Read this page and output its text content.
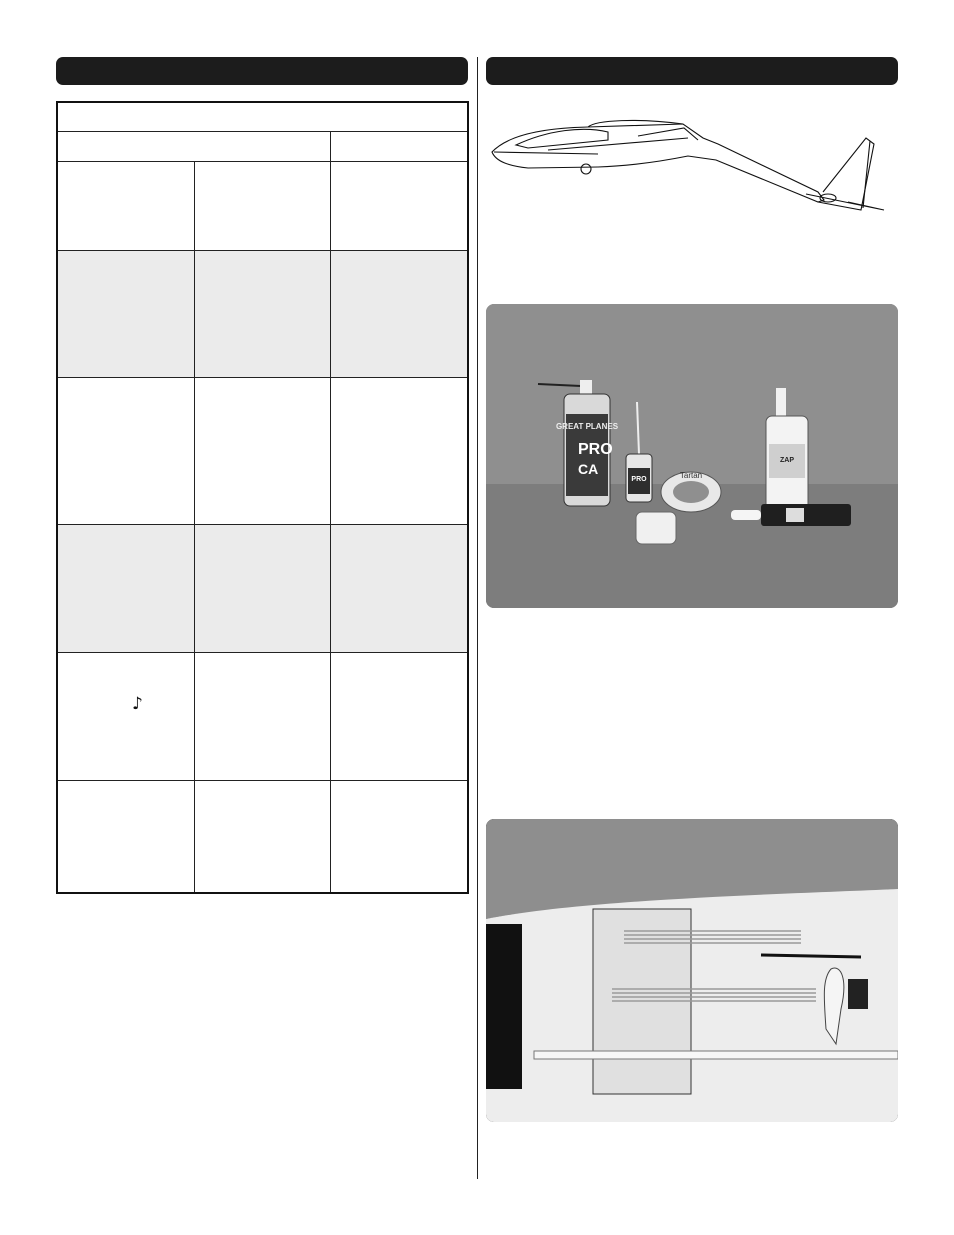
♪
GREAT PLANES
PRO
CA
PRO	Tartan
ZAP
